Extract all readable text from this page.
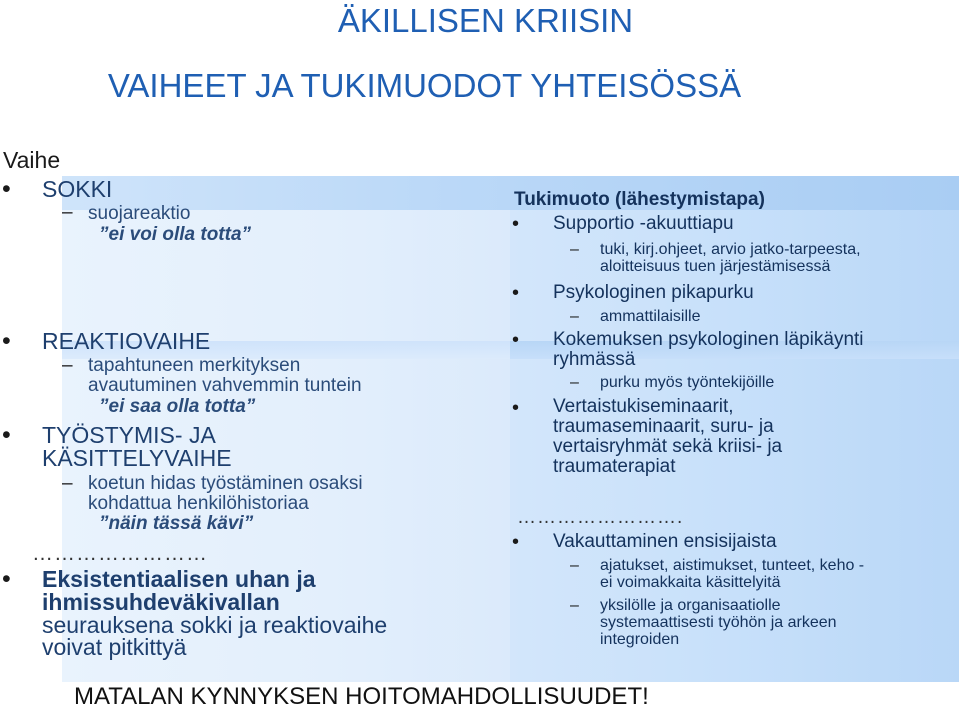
ÄKILLISEN KRIISIN
VAIHEET JA TUKIMUODOT YHTEISÖSSÄ
Vaihe
• SOKKI
– suojareaktio
”ei voi olla totta”
• REAKTIOVAIHE
– tapahtuneen merkityksen
avautuminen vahvemmin tuntein
”ei saa olla totta”
• TYÖSTYMIS- JA
KÄSITTELYVAIHE
– koetun hidas työstäminen osaksi
kohdattua henkilöhistoriaa
”näin tässä kävi”
……………………
• Eksistentiaalisen uhan ja
ihmissuhdeväkivallan
seurauksena sokki ja reaktiovaihe
voivat pitkittyä
Tukimuoto (lähestymistapa)
• Supportio -akuuttiapu
– tuki, kirj.ohjeet, arvio jatko-tarpeesta,
aloitteisuus tuen järjestämisessä
• Psykologinen pikapurku
– ammattilaisille
• Kokemuksen psykologinen läpikäynti
ryhmässä
– purku myös työntekijöille
• Vertaistukiseminaarit,
traumaseminaarit, suru- ja
vertaisryhmät sekä kriisi- ja
traumaterapiat
…………………….
• Vakauttaminen ensisijaista
– ajatukset, aistimukset, tunteet, keho -
ei voimakkaita käsittelyitä
– yksilölle ja organisaatiolle
systemaattisesti työhön ja arkeen
integroiden
MATALAN KYNNYKSEN HOITOMAHDOLLISUUDET!
